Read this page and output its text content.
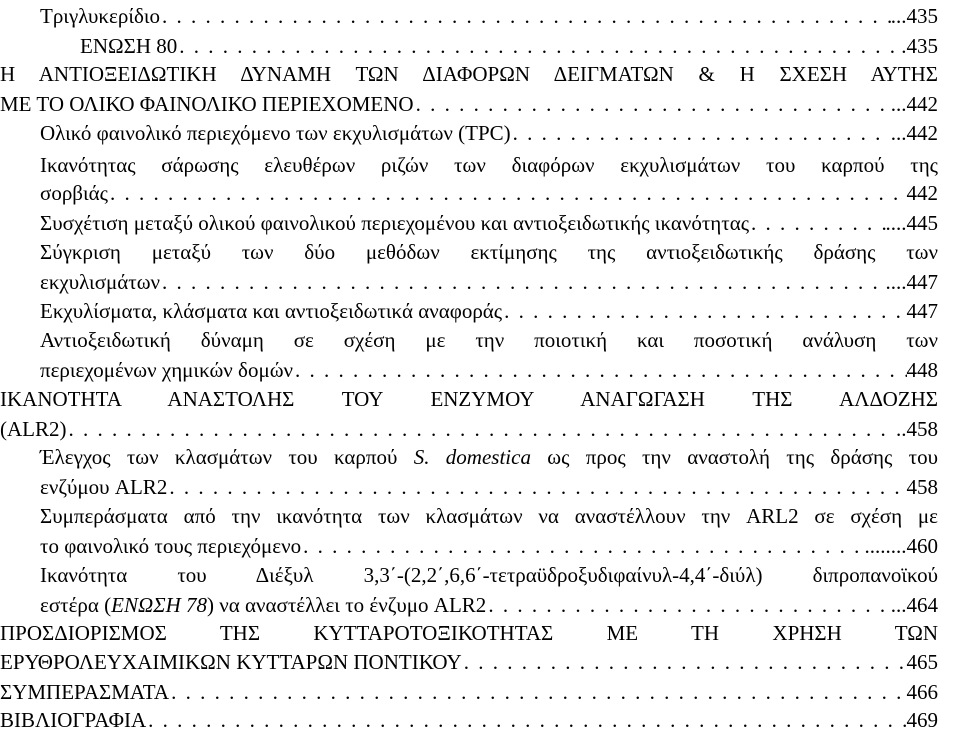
Τριγλυκερίδιο . . .	...435
ΕΝΩΣΗ 80 . . .	.435
Η ΑΝΤΙΟΞΕΙΔΩΤΙΚΗ ΔΥΝΑΜΗ ΤΩΝ ΔΙΑΦΟΡΩΝ ΔΕΙΓΜΑΤΩΝ & Η ΣΧΕΣΗ ΑΥΤΗΣ
ΜΕ ΤΟ ΟΛΙΚΟ ΦΑΙΝΟΛΙΚΟ ΠΕΡΙΕΧΟΜΕΝΟ . . .	...442
Ολικό φαινολικό περιεχόμενο των εκχυλισμάτων (TPC) . . .	...442
Ικανότητας σάρωσης ελευθέρων ριζών των διαφόρων εκχυλισμάτων του καρπού της
σορβιάς . . .	442
Συσχέτιση μεταξύ ολικού φαινολικού περιεχομένου και αντιοξειδωτικής ικανότητας . . .	....445
Σύγκριση μεταξύ των δύο μεθόδων εκτίμησης της αντιοξειδωτικής δράσης των
εκχυλισμάτων . . .	....447
Εκχυλίσματα, κλάσματα και αντιοξειδωτικά αναφοράς . . .	447
Αντιοξειδωτική δύναμη σε σχέση με την ποιοτική και ποσοτική ανάλυση των
περιεχομένων χημικών δομών . . .	448
ΙΚΑΝΟΤΗΤΑ ΑΝΑΣΤΟΛΗΣ ΤΟΥ ΕΝΖΥΜΟΥ ΑΝΑΓΩΓΑΣΗ ΤΗΣ ΑΛΔΟΖΗΣ
(ALR2) . . .	..458
Έλεγχος των κλασμάτων του καρπού S. domestica ως προς την αναστολή της δράσης του
ενζύμου ALR2 . . .	458
Συμπεράσματα από την ικανότητα των κλασμάτων να αναστέλλουν την ARL2 σε σχέση με
το φαινολικό τους περιεχόμενο . . .	........460
Ικανότητα του Διέξυλ 3,3΄-(2,2΄,6,6΄-τετραϋδροξυδιφαίνυλ-4,4΄-διύλ) διπροπανοϊκού
εστέρα (ΕΝΩΣΗ 78) να αναστέλλει το ένζυμο ALR2 . . .	...464
ΠΡΟΣΔΙΟΡΙΣΜΟΣ ΤΗΣ ΚΥΤΤΑΡΟΤΟΞΙΚΟΤΗΤΑΣ ΜΕ ΤΗ ΧΡΗΣΗ ΤΩΝ
ΕΡΥΘΡΟΛΕΥΧΑΙΜΙΚΩΝ ΚΥΤΤΑΡΩΝ ΠΟΝΤΙΚΟΥ . . .	465
ΣΥΜΠΕΡΑΣΜΑΤΑ . . .	466
ΒΙΒΛΙΟΓΡΑΦΙΑ . . .	469
